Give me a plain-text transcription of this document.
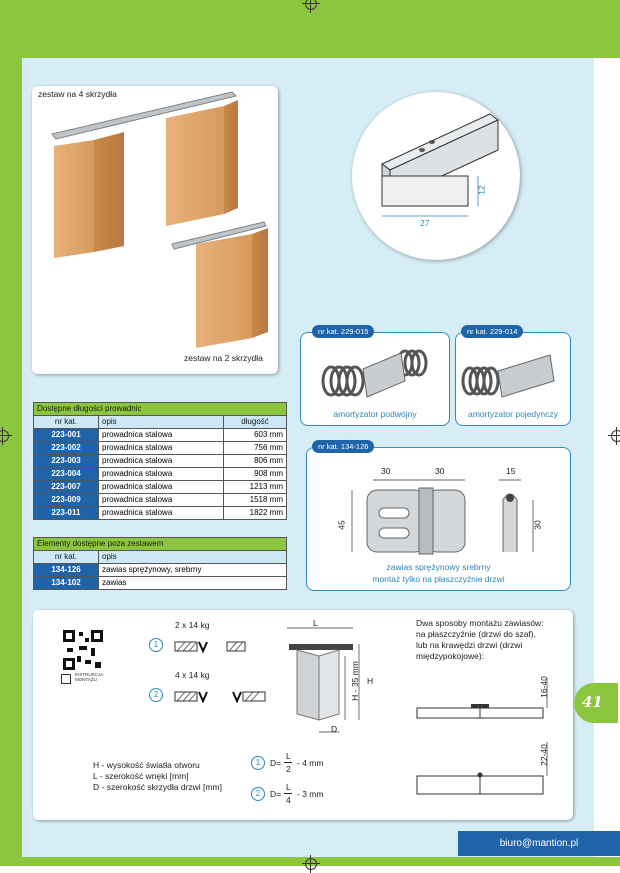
zestaw na 4 skrzydła
zestaw na 2 skrzydła
12
27
amortyzator podwójny
nr kat. 229-015
amortyzator pojedynczy
nr kat. 229-014
30	30
45
15
30
zawias sprężynowy srebrny
montaż tylko na płaszczyźnie drzwi
nr kat. 134-126
Dostępne długości prowadnic		
nr kat.	opis	długość
223-001	prowadnica stalowa	603 mm
223-002	prowadnica stalowa	756 mm
223-003	prowadnica stalowa	806 mm
223-004	prowadnica stalowa	908 mm
223-007	prowadnica stalowa	1213 mm
223-009	prowadnica stalowa	1518 mm
223-011	prowadnica stalowa	1822 mm
Elementy dostępne poza zestawem	
nr kat.	opis
134-126	zawias sprężynowy, srebrny
134-102	zawias
INSTRUKCJA MONTAŻU
2 x 14 kg
1
4 x 14 kg
2
L
H
H - 35 mm
D
H - wysokość światła otworu
L - szerokość wnęki [mm]
D - szerokość skrzydła drzwi [mm]
1	D=
L
2
- 4 mm
2	D=
L
4
- 3 mm
Dwa sposoby montażu zawiasów:
na płaszczyźnie (drzwi do szaf),
lub na krawędzi drzwi (drzwi
międzypokojowe):
16-40
22-40
41
biuro@mantion.pl
